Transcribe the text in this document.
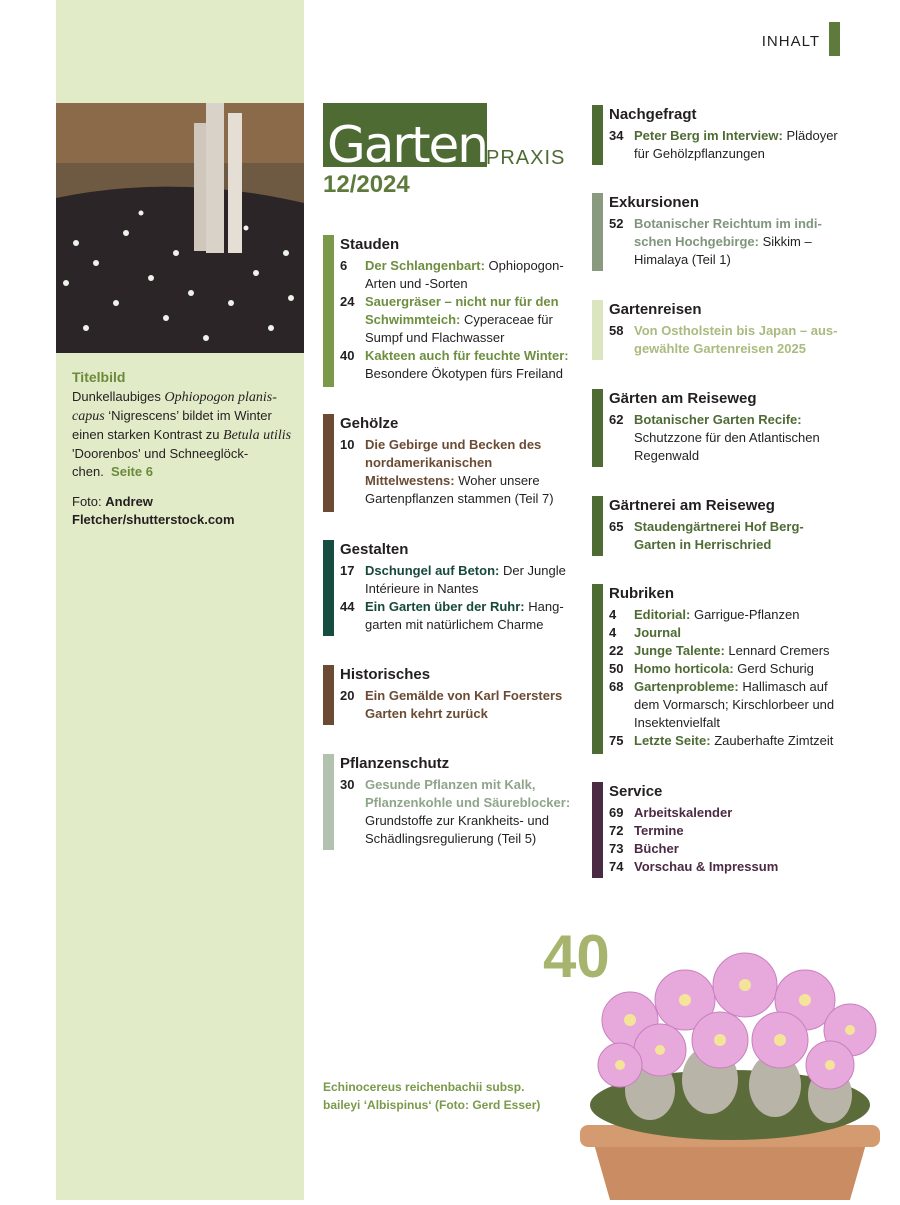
Titelbild
Dunkellaubiges Ophiopogon planiscapus ‘Nigrescens’ bildet im Winter einen starken Kontrast zu Betula utilis 'Doorenbos' und Schneeglöckchen. Seite 6
Foto: Andrew Fletcher/shutterstock.com
INHALT
Garten PRAXIS
12/2024
Stauden
6	Der Schlangenbart: Ophiopogon-Arten und -Sorten
24 Sauergräser – nicht nur für den Schwimmteich: Cyperaceae für Sumpf und Flachwasser
40 Kakteen auch für feuchte Winter: Besondere Ökotypen fürs Freiland
Gehölze
10 Die Gebirge und Becken des nordamerikanischen Mittelwestens: Woher unsere Gartenpflanzen stammen (Teil 7)
Gestalten
17 Dschungel auf Beton: Der Jungle Intérieure in Nantes
44 Ein Garten über der Ruhr: Hanggarten mit natürlichem Charme
Historisches
20 Ein Gemälde von Karl Foersters Garten kehrt zurück
Pflanzenschutz
30 Gesunde Pflanzen mit Kalk, Pflanzenkohle und Säureblocker: Grundstoffe zur Krankheits- und Schädlingsregulierung (Teil 5)
Nachgefragt
34 Peter Berg im Interview: Plädoyer für Gehölzpflanzungen
Exkursionen
52 Botanischer Reichtum im indischen Hochgebirge: Sikkim – Himalaya (Teil 1)
Gartenreisen
58 Von Ostholstein bis Japan – ausgewählte Gartenreisen 2025
Gärten am Reiseweg
62 Botanischer Garten Recife: Schutzzone für den Atlantischen Regenwald
Gärtnerei am Reiseweg
65 Staudengärtnerei Hof Berg-Garten in Herrischried
Rubriken
4	Editorial: Garrigue-Pflanzen
4	Journal
22 Junge Talente: Lennard Cremers
50 Homo horticola: Gerd Schurig
68 Gartenprobleme: Hallimasch auf dem Vormarsch; Kirschlorbeer und Insektenvielfalt
75 Letzte Seite: Zauberhafte Zimtzeit
Service
69 Arbeitskalender
72 Termine
73 Bücher
74 Vorschau & Impressum
40
Echinocereus reichenbachii subsp. baileyi ‘Albispinus‘ (Foto: Gerd Esser)
